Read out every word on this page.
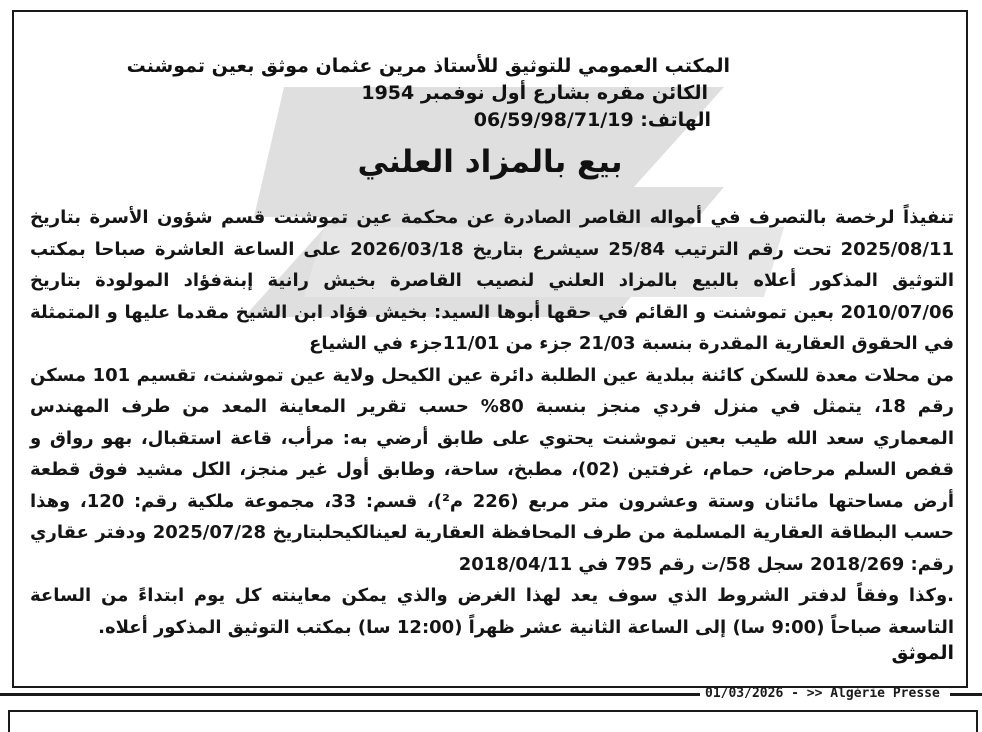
المكتب العمومي للتوثيق للأستاذ مرين عثمان موثق بعين تموشنت
الكائن مقره بشارع أول نوفمبر 1954
الهاتف: 06/59/98/71/19
بيع بالمزاد العلني

تنفيذاً لرخصة بالتصرف في أمواله القاصر الصادرة عن محكمة عين تموشنت قسم شؤون الأسرة بتاريخ 2025/08/11 تحت رقم الترتيب 25/84 سيشرع بتاريخ 2026/03/18 على الساعة العاشرة صباحا بمكتب التوثيق المذكور أعلاه بالبيع بالمزاد العلني لنصيب القاصرة بخيش رانية إبنةفؤاد المولودة بتاريخ 2010/07/06 بعين تموشنت و القائم في حقها أبوها السيد: بخيش فؤاد ابن الشيخ مقدما عليها و المتمثلة في الحقوق العقارية المقدرة بنسبة 21/03 جزء من 11/01جزء في الشياع

من محلات معدة للسكن كائنة ببلدية عين الطلبة دائرة عين الكيحل ولاية عين تموشنت، تقسيم 101 مسكن رقم 18، يتمثل في منزل فردي منجز بنسبة 80% حسب تقرير المعاينة المعد من طرف المهندس المعماري سعد الله طيب بعين تموشنت يحتوي على طابق أرضي به: مرأب، قاعة استقبال، بهو رواق و قفص السلم مرحاض، حمام، غرفتين (02)، مطبخ، ساحة، وطابق أول غير منجز، الكل مشيد فوق قطعة أرض مساحتها مائتان وستة وعشرون متر مربع (226 م²)، قسم: 33، مجموعة ملكية رقم: 120، وهذا حسب البطاقة العقارية المسلمة من طرف المحافظة العقارية لعينالكيحلبتاريخ 2025/07/28 ودفتر عقاري رقم: 2018/269 سجل 58/ت رقم 795 في 2018/04/11

.وكذا وفقاً لدفتر الشروط الذي سوف يعد لهذا الغرض والذي يمكن معاينته كل يوم ابتداءً من الساعة التاسعة صباحاً (9:00 سا) إلى الساعة الثانية عشر ظهراً (12:00 سا) بمكتب التوثيق المذكور أعلاه.

الموثق
01/03/2026 - >> Algérie Presse
